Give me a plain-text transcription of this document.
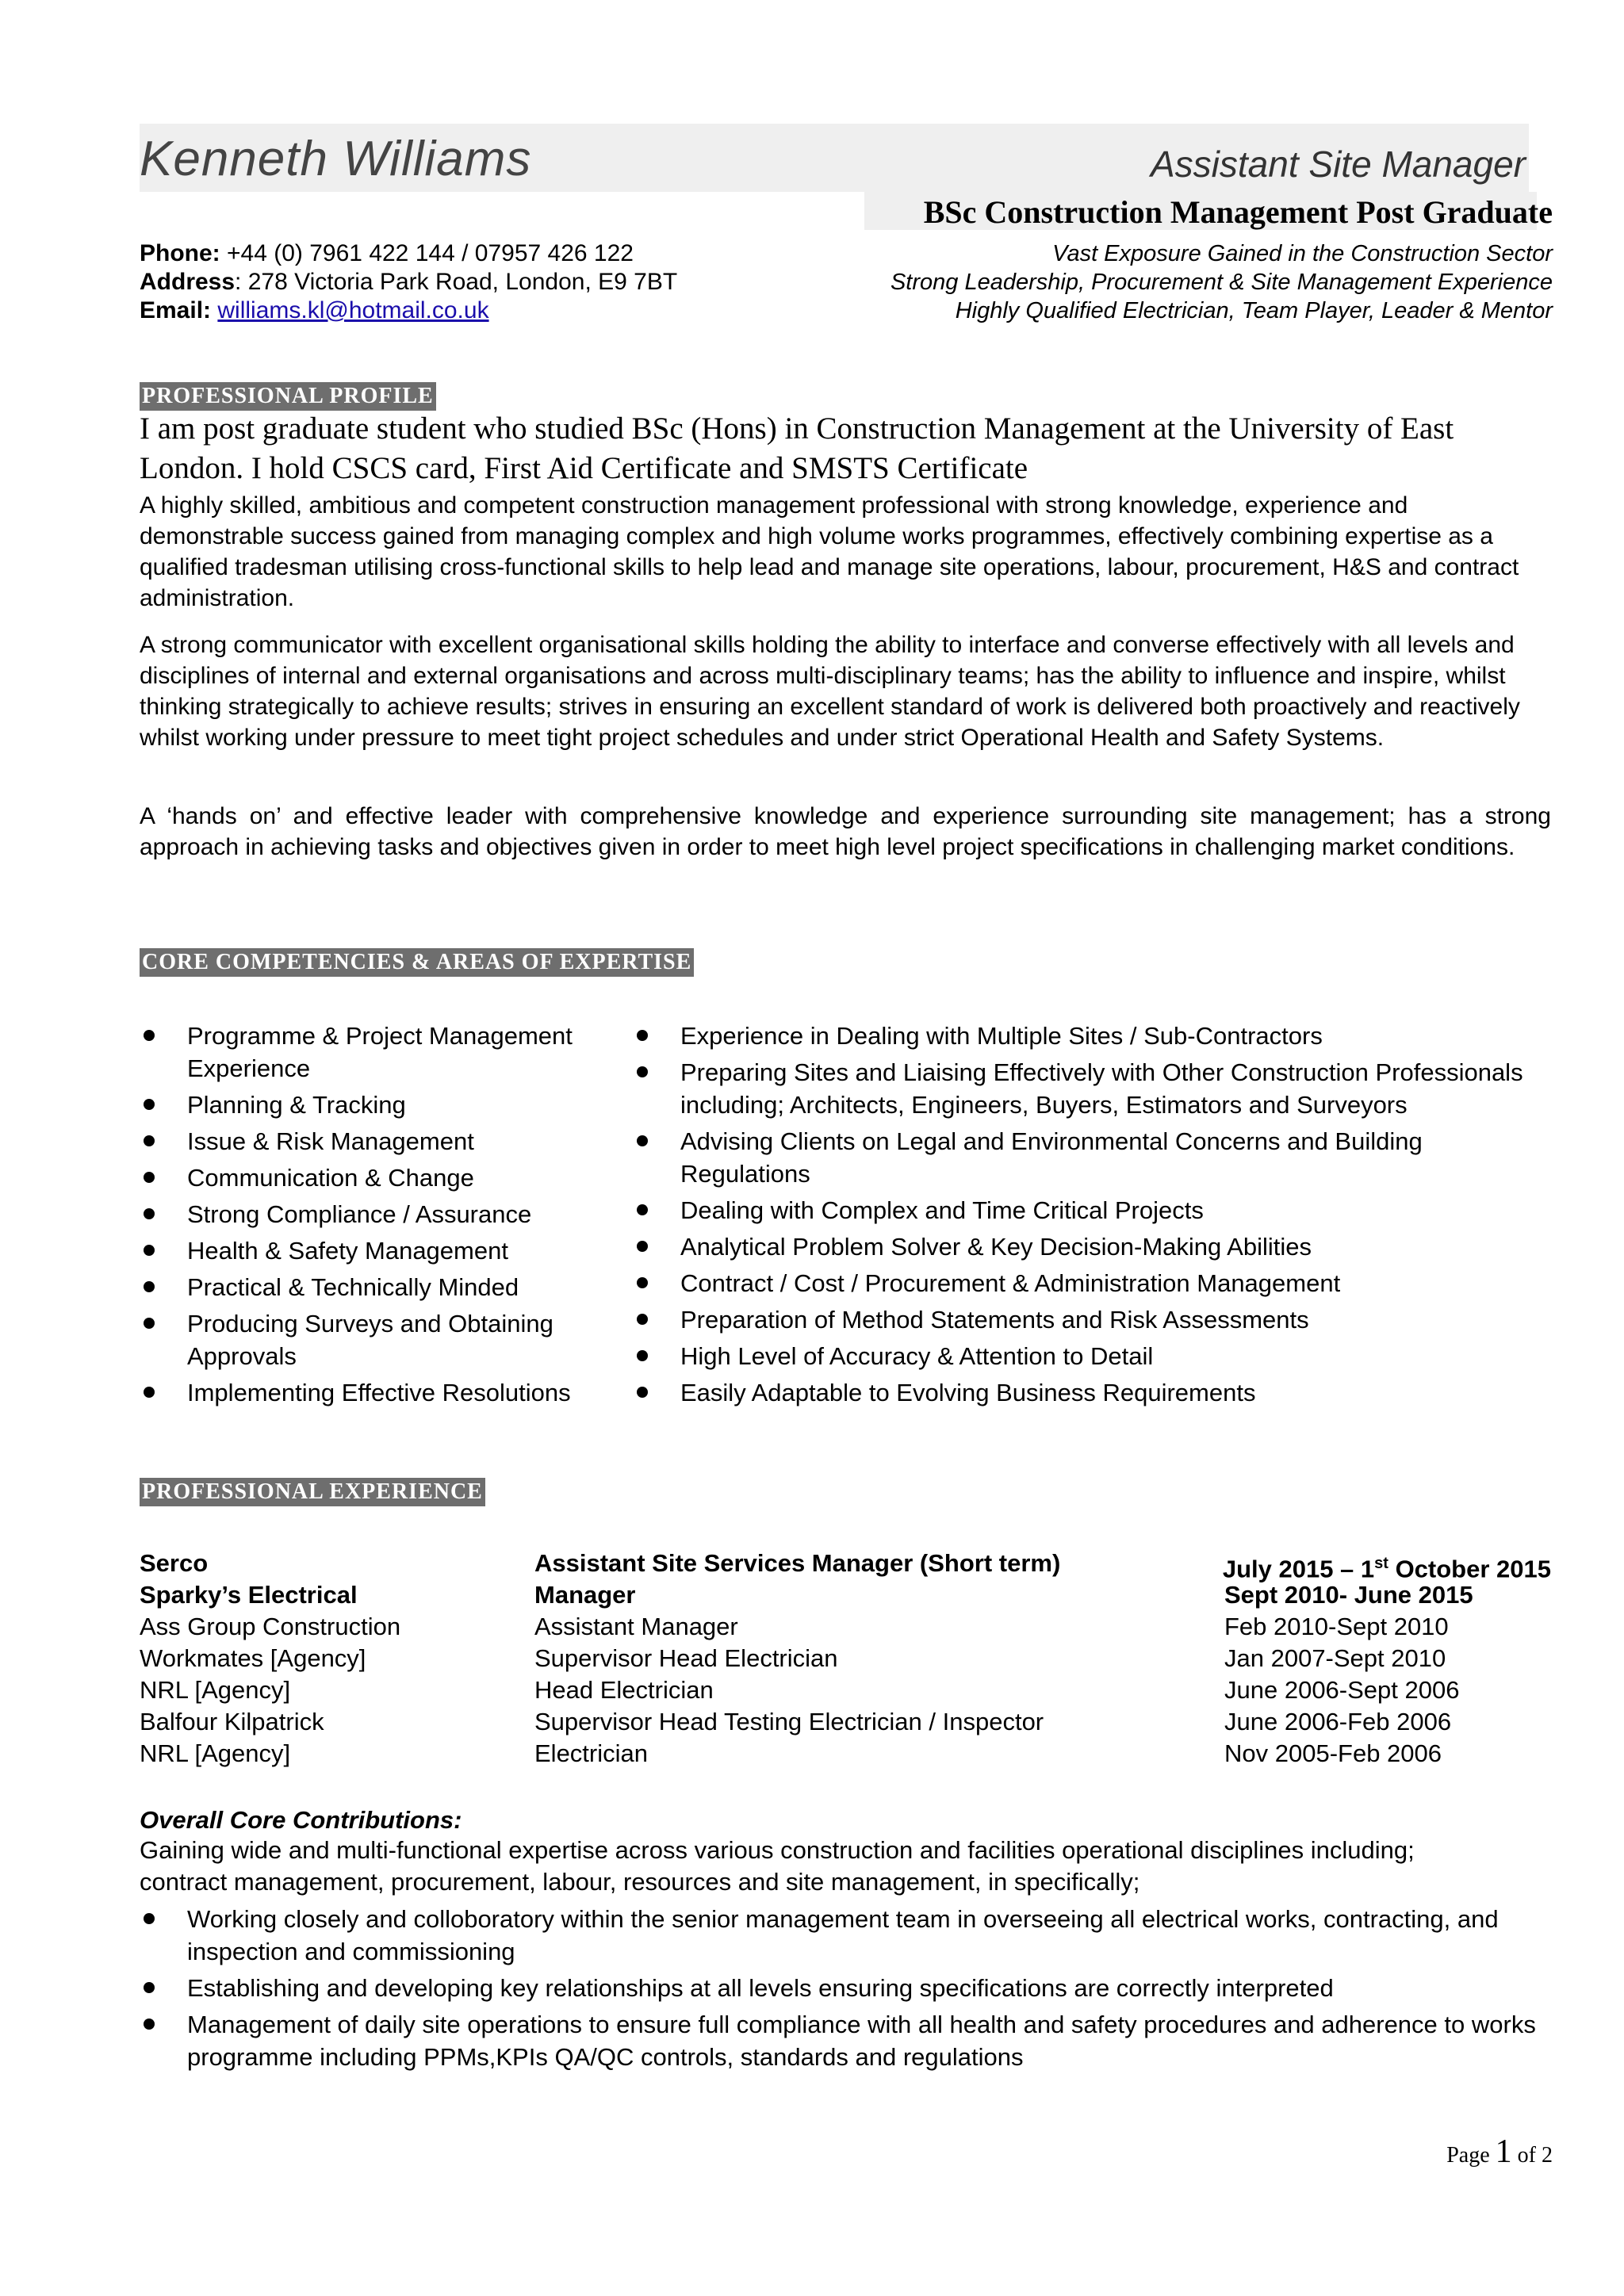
Kenneth Williams	Assistant Site Manager
BSc Construction Management Post Graduate
Phone: +44 (0) 7961 422 144 / 07957 426 122
Address: 278 Victoria Park Road, London, E9 7BT
Email: williams.kl@hotmail.co.uk
Vast Exposure Gained in the Construction Sector
Strong Leadership, Procurement & Site Management Experience
Highly Qualified Electrician, Team Player, Leader & Mentor
PROFESSIONAL PROFILE
I am post graduate student who studied BSc (Hons) in Construction Management at the University of East London. I hold CSCS card, First Aid Certificate and SMSTS Certificate
A highly skilled, ambitious and competent construction management professional with strong knowledge, experience and demonstrable success gained from managing complex and high volume works programmes, effectively combining expertise as a qualified tradesman utilising cross-functional skills to help lead and manage site operations, labour, procurement, H&S and contract administration.
A strong communicator with excellent organisational skills holding the ability to interface and converse effectively with all levels and disciplines of internal and external organisations and across multi-disciplinary teams; has the ability to influence and inspire, whilst thinking strategically to achieve results; strives in ensuring an excellent standard of work is delivered both proactively and reactively whilst working under pressure to meet tight project schedules and under strict Operational Health and Safety Systems.
A ‘hands on’ and effective leader with comprehensive knowledge and experience surrounding site management; has a strong approach in achieving tasks and objectives given in order to meet high level project specifications in challenging market conditions.
CORE COMPETENCIES & AREAS OF EXPERTISE
Programme & Project Management Experience
Planning & Tracking
Issue & Risk Management
Communication & Change
Strong Compliance / Assurance
Health & Safety Management
Practical & Technically Minded
Producing Surveys and Obtaining Approvals
Implementing Effective Resolutions
Experience in Dealing with Multiple Sites / Sub-Contractors
Preparing Sites and Liaising Effectively with Other Construction Professionals including; Architects, Engineers, Buyers, Estimators and Surveyors
Advising Clients on Legal and Environmental Concerns and Building Regulations
Dealing with Complex and Time Critical Projects
Analytical Problem Solver & Key Decision-Making Abilities
Contract / Cost / Procurement & Administration Management
Preparation of Method Statements and Risk Assessments
High Level of Accuracy & Attention to Detail
Easily Adaptable to Evolving Business Requirements
PROFESSIONAL EXPERIENCE
Serco	Assistant Site Services Manager (Short term)	July 2015 – 1st October 2015
Sparky’s Electrical	Manager	Sept 2010- June 2015
Ass Group Construction	Assistant Manager	Feb 2010-Sept 2010
Workmates [Agency]	Supervisor Head Electrician	Jan 2007-Sept 2010
NRL [Agency]	Head Electrician	June 2006-Sept 2006
Balfour Kilpatrick	Supervisor Head Testing Electrician / Inspector	June 2006-Feb 2006
NRL [Agency]	Electrician	Nov 2005-Feb 2006
Overall Core Contributions:
Gaining wide and multi-functional expertise across various construction and facilities operational disciplines including; contract management, procurement, labour, resources and site management, in specifically;
Working closely and colloboratory within the senior management team in overseeing all electrical works, contracting, and inspection and commissioning
Establishing and developing key relationships at all levels ensuring specifications are correctly interpreted
Management of daily site operations to ensure full compliance with all health and safety procedures and adherence to works programme including PPMs,KPIs QA/QC controls, standards and regulations
Page 1 of 2
